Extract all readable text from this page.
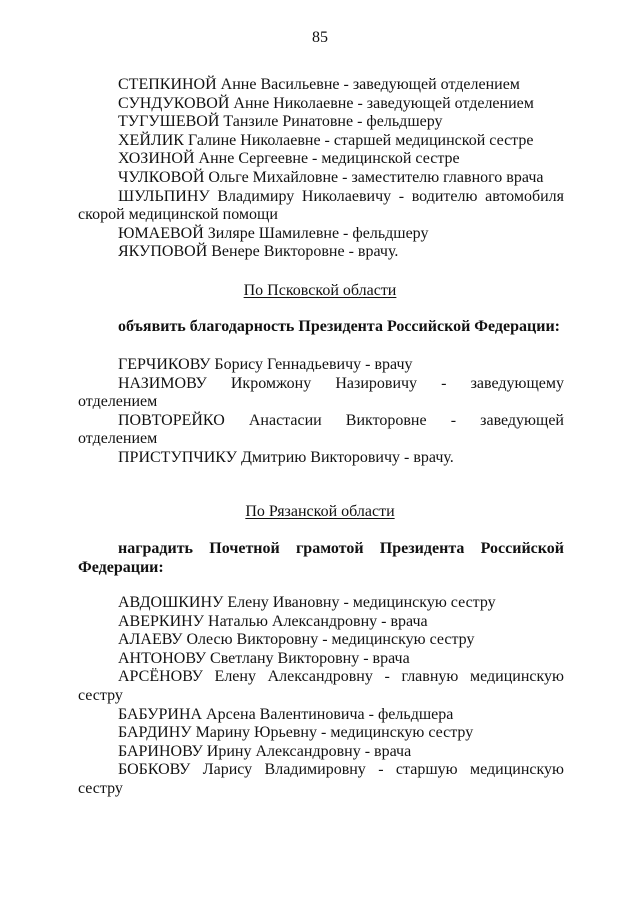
85

СТЕПКИНОЙ Анне Васильевне - заведующей отделением

СУНДУКОВОЙ Анне Николаевне - заведующей отделением

ТУГУШЕВОЙ Танзиле Ринатовне - фельдшеру

ХЕЙЛИК Галине Николаевне - старшей медицинской сестре

ХОЗИНОЙ Анне Сергеевне - медицинской сестре

ЧУЛКОВОЙ Ольге Михайловне - заместителю главного врача

ШУЛЬПИНУ Владимиру Николаевичу - водителю автомобиля

скорой медицинской помощи

ЮМАЕВОЙ Зиляре Шамилевне - фельдшеру

ЯКУПОВОЙ Венере Викторовне - врачу.

По Псковской области

объявить благодарность Президента Российской Федерации:

ГЕРЧИКОВУ Борису Геннадьевичу - врачу

НАЗИМОВУ Икромжону Назировичу - заведующему

отделением

ПОВТОРЕЙКО Анастасии Викторовне - заведующей

отделением

ПРИСТУПЧИКУ Дмитрию Викторовичу - врачу.

По Рязанской области

наградить Почетной грамотой Президента Российской

Федерации:

АВДОШКИНУ Елену Ивановну - медицинскую сестру

АВЕРКИНУ Наталью Александровну - врача

АЛАЕВУ Олесю Викторовну - медицинскую сестру

АНТОНОВУ Светлану Викторовну - врача

АРСЁНОВУ Елену Александровну - главную медицинскую

сестру

БАБУРИНА Арсена Валентиновича - фельдшера

БАРДИНУ Марину Юрьевну - медицинскую сестру

БАРИНОВУ Ирину Александровну - врача

БОБКОВУ Ларису Владимировну - старшую медицинскую

сестру
